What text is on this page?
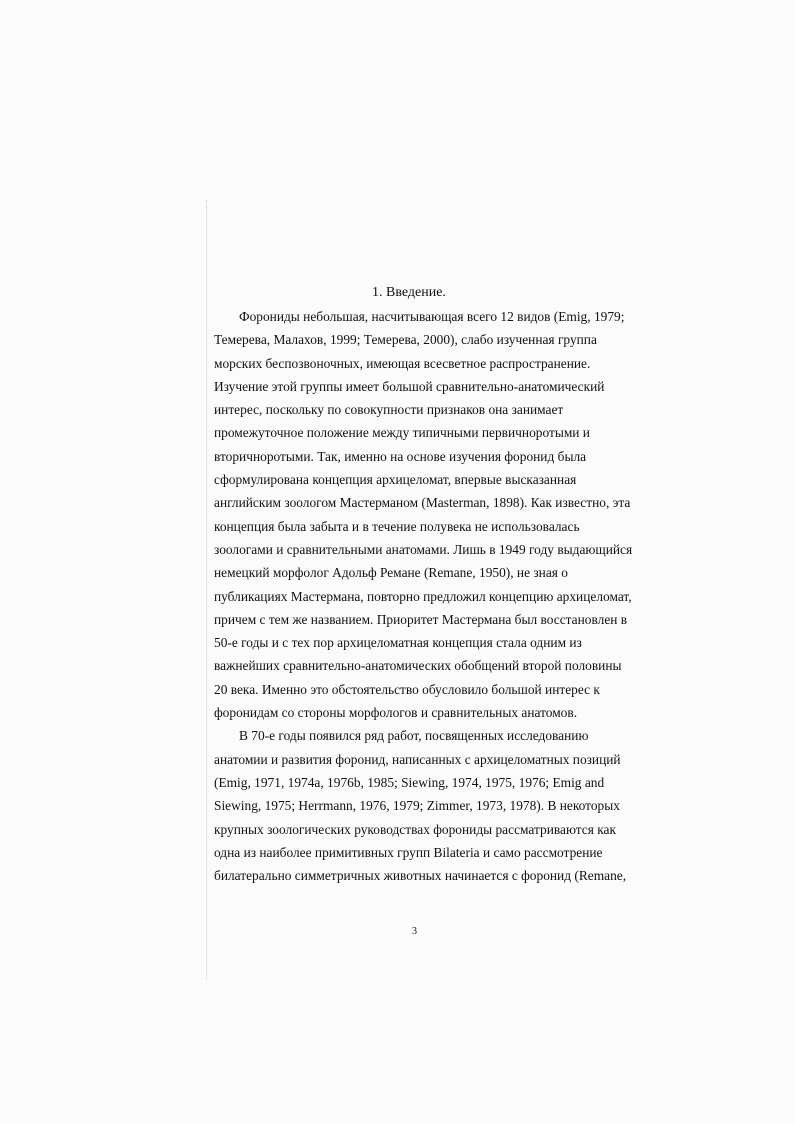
1. Введение.
Форониды небольшая, насчитывающая всего 12 видов (Emig, 1979;
Темерева, Малахов, 1999; Темерева, 2000), слабо изученная группа
морских беспозвоночных, имеющая всесветное распространение.
Изучение этой группы имеет большой сравнительно-анатомический
интерес, поскольку по совокупности признаков она занимает
промежуточное положение между типичными первичноротыми и
вторичноротыми. Так, именно на основе изучения форонид была
сформулирована концепция архицеломат, впервые высказанная
английским зоологом Мастерманом (Masterman, 1898). Как известно, эта
концепция была забыта и в течение полувека не использовалась
зоологами и сравнительными анатомами. Лишь в 1949 году выдающийся
немецкий морфолог Адольф Ремане (Remane, 1950), не зная о
публикациях Мастермана, повторно предложил концепцию архицеломат,
причем с тем же названием. Приоритет Мастермана был восстановлен в
50-е годы и с тех пор архицеломатная концепция стала одним из
важнейших сравнительно-анатомических обобщений второй половины
20 века. Именно это обстоятельство обусловило большой интерес к
форонидам со стороны морфологов и сравнительных анатомов.
В 70-е годы появился ряд работ, посвященных исследованию
анатомии и развития форонид, написанных с архицеломатных позиций
(Emig, 1971, 1974a, 1976b, 1985; Siewing, 1974, 1975, 1976; Emig and
Siewing, 1975; Herrmann, 1976, 1979; Zimmer, 1973, 1978). В некоторых
крупных зоологических руководствах форониды рассматриваются как
одна из наиболее примитивных групп Bilateria и само рассмотрение
билатерально симметричных животных начинается с форонид (Remane,
3
